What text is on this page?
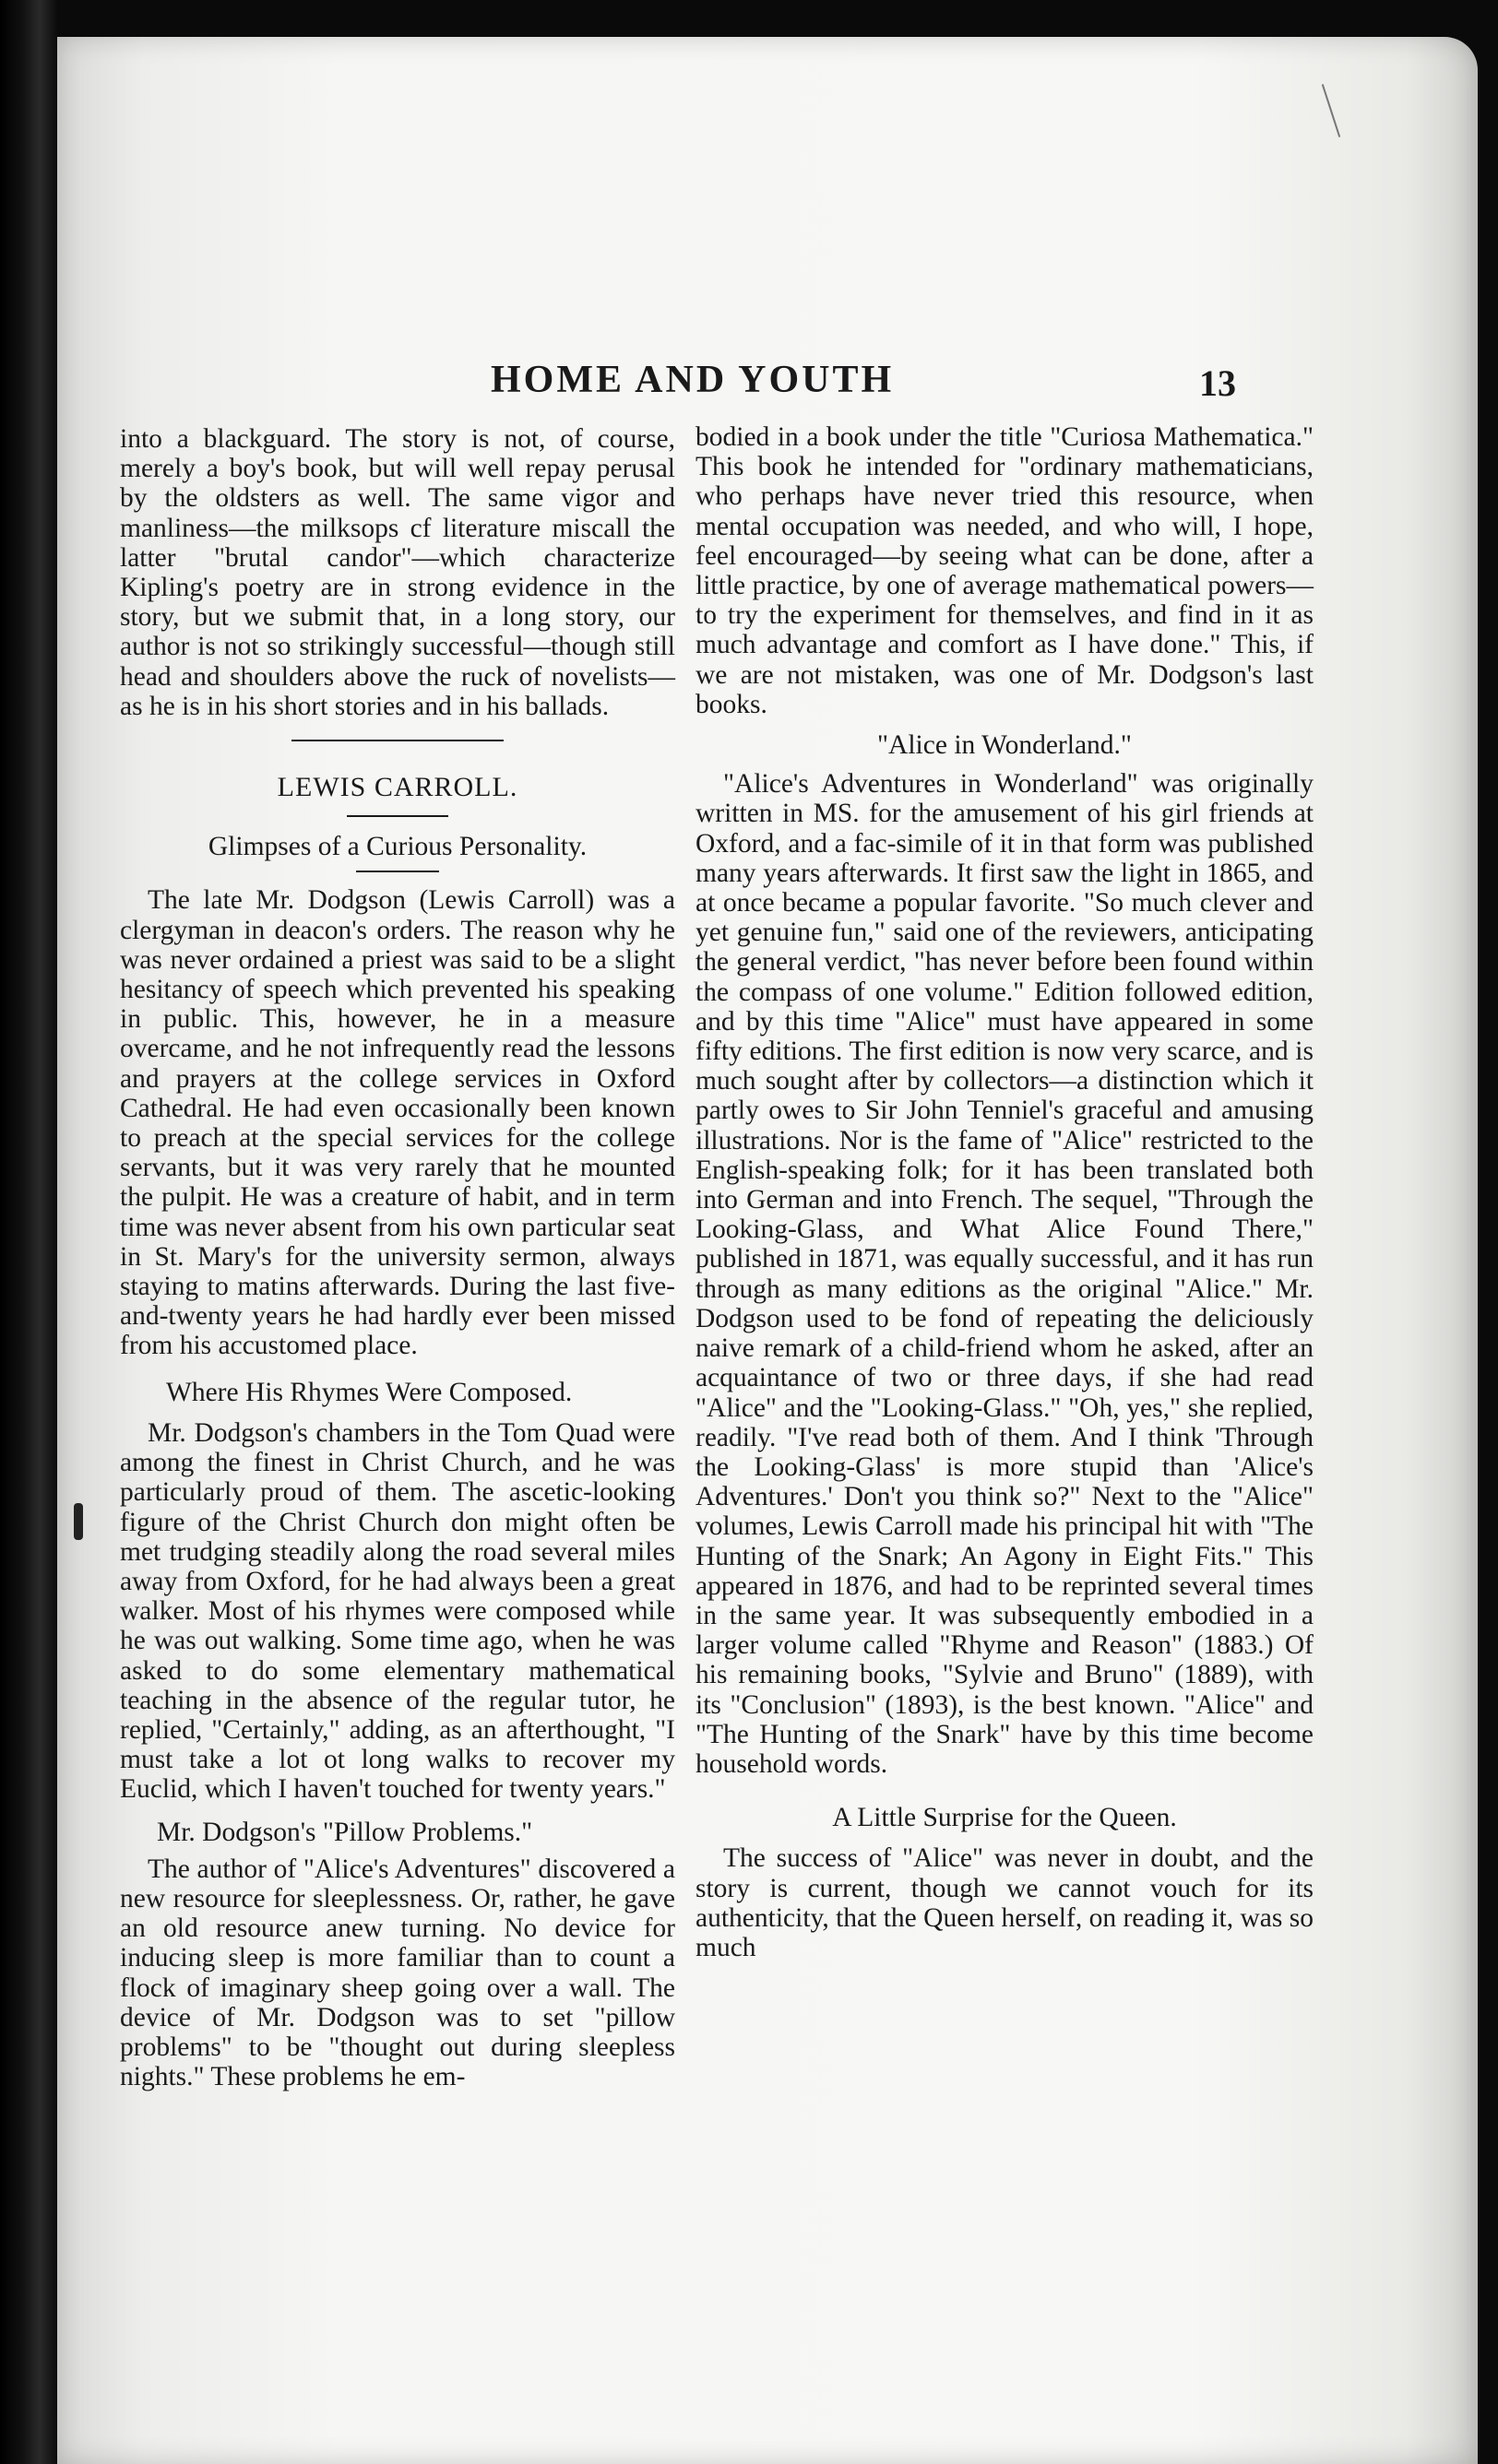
HOME AND YOUTH	13

into a blackguard. The story is not, of course, merely a boy's book, but will well repay perusal by the oldsters as well. The same vigor and manliness—the milksops cf literature miscall the latter "brutal candor"—which characterize Kipling's poetry are in strong evidence in the story, but we submit that, in a long story, our author is not so strikingly successful—though still head and shoulders above the ruck of novelists—as he is in his short stories and in his ballads.

LEWIS CARROLL.

Glimpses of a Curious Personality.

The late Mr. Dodgson (Lewis Carroll) was a clergyman in deacon's orders. The reason why he was never ordained a priest was said to be a slight hesitancy of speech which prevented his speaking in public. This, however, he in a measure overcame, and he not infrequently read the lessons and prayers at the college services in Oxford Cathedral. He had even occasionally been known to preach at the special services for the college servants, but it was very rarely that he mounted the pulpit. He was a creature of habit, and in term time was never absent from his own particular seat in St. Mary's for the university sermon, always staying to matins afterwards. During the last five-and-twenty years he had hardly ever been missed from his accustomed place.

Where His Rhymes Were Composed.

Mr. Dodgson's chambers in the Tom Quad were among the finest in Christ Church, and he was particularly proud of them. The ascetic-looking figure of the Christ Church don might often be met trudging steadily along the road several miles away from Oxford, for he had always been a great walker. Most of his rhymes were composed while he was out walking. Some time ago, when he was asked to do some elementary mathematical teaching in the absence of the regular tutor, he replied, "Certainly," adding, as an afterthought, "I must take a lot ot long walks to recover my Euclid, which I haven't touched for twenty years."

Mr. Dodgson's "Pillow Problems."

The author of "Alice's Adventures" discovered a new resource for sleeplessness. Or, rather, he gave an old resource anew turning. No device for inducing sleep is more familiar than to count a flock of imaginary sheep going over a wall. The device of Mr. Dodgson was to set "pillow problems" to be "thought out during sleepless nights." These problems he em-

bodied in a book under the title "Curiosa Mathematica." This book he intended for "ordinary mathematicians, who perhaps have never tried this resource, when mental occupation was needed, and who will, I hope, feel encouraged—by seeing what can be done, after a little practice, by one of average mathematical powers—to try the experiment for themselves, and find in it as much advantage and comfort as I have done." This, if we are not mistaken, was one of Mr. Dodgson's last books.

"Alice in Wonderland."

"Alice's Adventures in Wonderland" was originally written in MS. for the amusement of his girl friends at Oxford, and a fac-simile of it in that form was published many years afterwards. It first saw the light in 1865, and at once became a popular favorite. "So much clever and yet genuine fun," said one of the reviewers, anticipating the general verdict, "has never before been found within the compass of one volume." Edition followed edition, and by this time "Alice" must have appeared in some fifty editions. The first edition is now very scarce, and is much sought after by collectors—a distinction which it partly owes to Sir John Tenniel's graceful and amusing illustrations. Nor is the fame of "Alice" restricted to the English-speaking folk; for it has been translated both into German and into French. The sequel, "Through the Looking-Glass, and What Alice Found There," published in 1871, was equally successful, and it has run through as many editions as the original "Alice." Mr. Dodgson used to be fond of repeating the deliciously naive remark of a child-friend whom he asked, after an acquaintance of two or three days, if she had read "Alice" and the "Looking-Glass." "Oh, yes," she replied, readily. "I've read both of them. And I think 'Through the Looking-Glass' is more stupid than 'Alice's Adventures.' Don't you think so?" Next to the "Alice" volumes, Lewis Carroll made his principal hit with "The Hunting of the Snark; An Agony in Eight Fits." This appeared in 1876, and had to be reprinted several times in the same year. It was subsequently embodied in a larger volume called "Rhyme and Reason" (1883.) Of his remaining books, "Sylvie and Bruno" (1889), with its "Conclusion" (1893), is the best known. "Alice" and "The Hunting of the Snark" have by this time become household words.

A Little Surprise for the Queen.

The success of "Alice" was never in doubt, and the story is current, though we cannot vouch for its authenticity, that the Queen herself, on reading it, was so much
